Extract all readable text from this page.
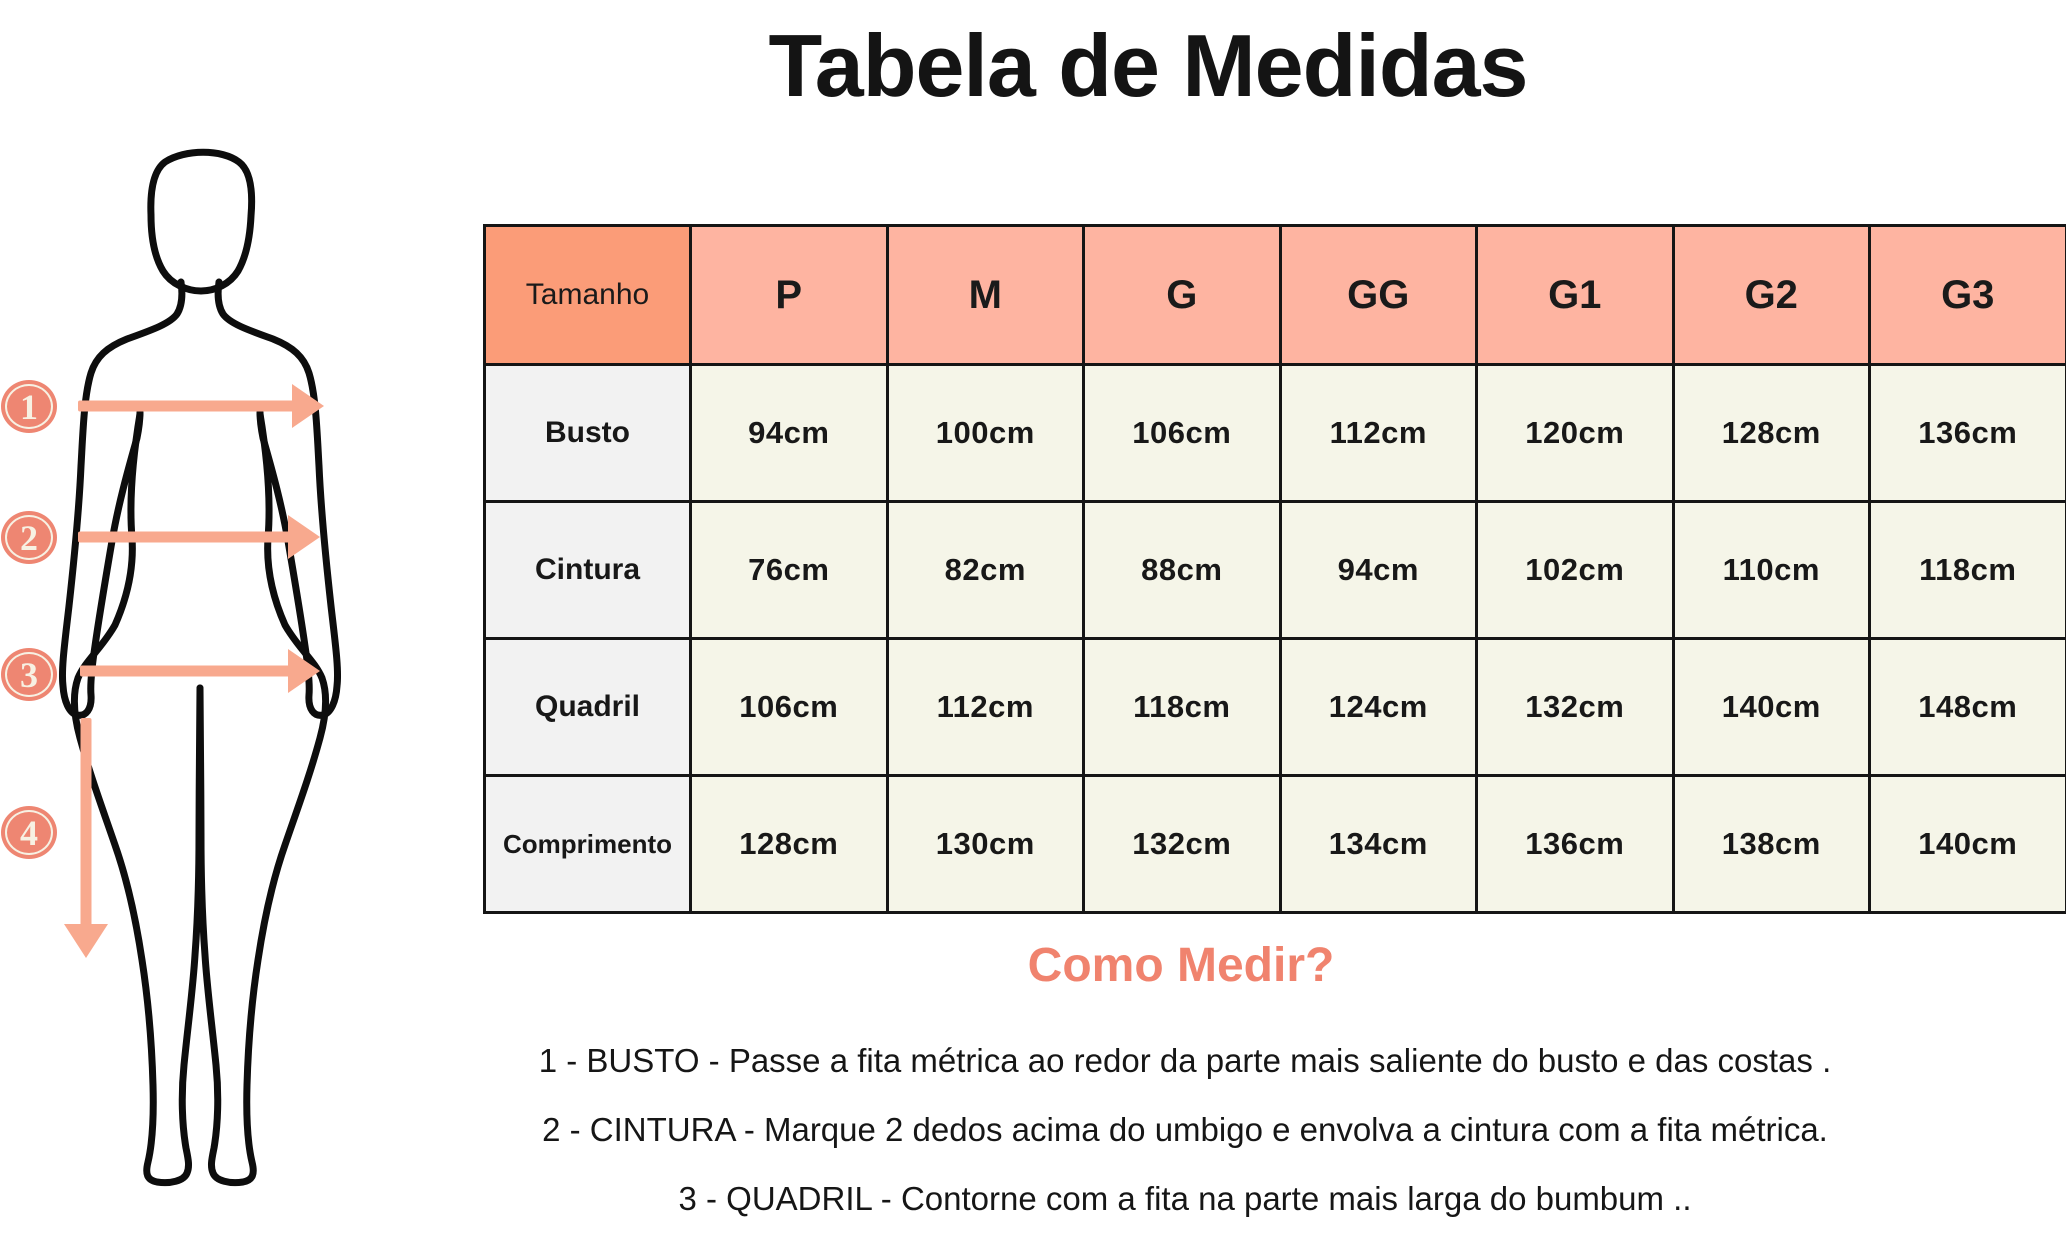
Tabela de Medidas
1
2
3
4
Tamanho	P	M	G	GG	G1	G2	G3
Busto	94cm	100cm	106cm	112cm	120cm	128cm	136cm
Cintura	76cm	82cm	88cm	94cm	102cm	110cm	118cm
Quadril	106cm	112cm	118cm	124cm	132cm	140cm	148cm
Comprimento	128cm	130cm	132cm	134cm	136cm	138cm	140cm
Como Medir?

1 - BUSTO - Passe a fita métrica ao redor da parte mais saliente do busto e das costas .

2 - CINTURA - Marque 2 dedos acima do umbigo e envolva a cintura com a fita métrica.

3 - QUADRIL - Contorne com a fita na parte mais larga do bumbum ..
